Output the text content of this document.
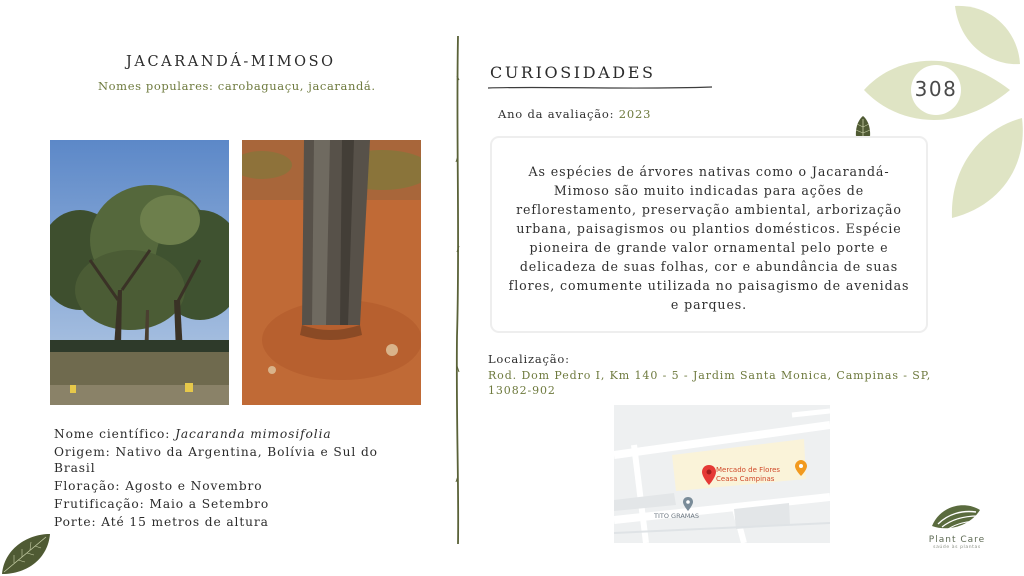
308
JACARANDÁ-MIMOSO
Nomes populares: carobaguaçu, jacarandá.

Nome científico: Jacaranda mimosifolia

Origem: Nativo da Argentina, Bolívia e Sul do Brasil

Floração: Agosto e Novembro

Frutificação: Maio a Setembro

Porte: Até 15 metros de altura

CURIOSIDADES
Ano da avaliação: 2023
As espécies de árvores nativas como o Jacarandá-Mimoso são muito indicadas para ações de reflorestamento, preservação ambiental, arborização urbana, paisagismos ou plantios domésticos. Espécie pioneira de grande valor ornamental pelo porte e delicadeza de suas folhas, cor e abundância de suas flores, comumente utilizada no paisagismo de avenidas e parques.
Localização:
Rod. Dom Pedro I, Km 140 - 5 - Jardim Santa Monica, Campinas - SP, 13082-902
Mercado de Flores
Ceasa Campinas
TITO GRAMAS
Plant Care
saúde às plantas
